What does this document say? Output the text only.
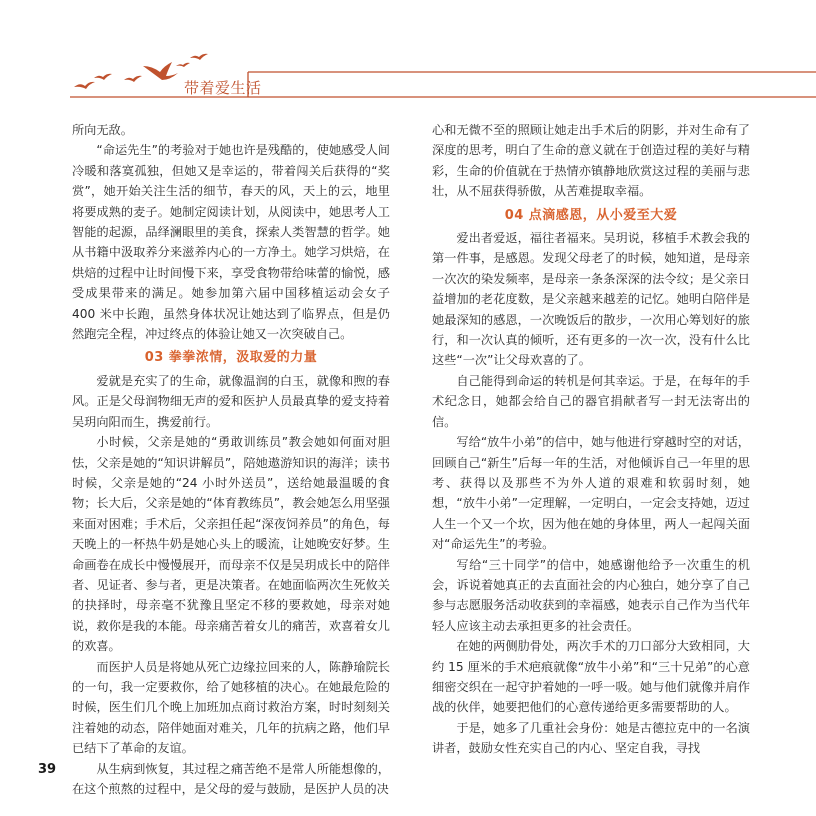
带着爱生活

所向无敌。

“命运先生”的考验对于她也许是残酷的，使她感受人间冷暖和落寞孤独，但她又是幸运的，带着闯关后获得的“奖赏”，她开始关注生活的细节，春天的风，天上的云，地里将要成熟的麦子。她制定阅读计划，从阅读中，她思考人工智能的起源，品绎澜眼里的美食，探索人类智慧的哲学。她从书籍中汲取养分来滋养内心的一方净土。她学习烘焙，在烘焙的过程中让时间慢下来，享受食物带给味蕾的愉悦，感受成果带来的满足。她参加第六届中国移植运动会女子 400 米中长跑，虽然身体状况让她达到了临界点，但是仍然跑完全程，冲过终点的体验让她又一次突破自己。

03 拳拳浓情，汲取爱的力量

爱就是充实了的生命，就像温润的白玉，就像和煦的春风。正是父母润物细无声的爱和医护人员最真挚的爱支持着吴玥向阳而生，携爱前行。

小时候，父亲是她的“勇敢训练员”教会她如何面对胆怯，父亲是她的“知识讲解员”，陪她遨游知识的海洋；读书时候，父亲是她的“24 小时外送员”，送给她最温暖的食物；长大后，父亲是她的“体育教练员”，教会她怎么用坚强来面对困难；手术后，父亲担任起“深夜饲养员”的角色，每天晚上的一杯热牛奶是她心头上的暖流，让她晚安好梦。生命画卷在成长中慢慢展开，而母亲不仅是吴玥成长中的陪伴者、见证者、参与者，更是决策者。在她面临两次生死攸关的抉择时，母亲毫不犹豫且坚定不移的要救她，母亲对她说，救你是我的本能。母亲痛苦着女儿的痛苦，欢喜着女儿的欢喜。

而医护人员是将她从死亡边缘拉回来的人，陈静瑜院长的一句，我一定要救你，给了她移植的决心。在她最危险的时候，医生们几个晚上加班加点商讨救治方案，时时刻刻关注着她的动态，陪伴她面对难关，几年的抗病之路，他们早已结下了革命的友谊。

从生病到恢复，其过程之痛苦绝不是常人所能想像的，在这个煎熬的过程中，是父母的爱与鼓励，是医护人员的决

心和无微不至的照顾让她走出手术后的阴影，并对生命有了深度的思考，明白了生命的意义就在于创造过程的美好与精彩，生命的价值就在于热情亦镇静地欣赏这过程的美丽与悲壮，从不屈获得骄傲，从苦难提取幸福。

04 点滴感恩，从小爱至大爱

爱出者爱返，福往者福来。吴玥说，移植手术教会我的第一件事，是感恩。发现父母老了的时候，她知道，是母亲一次次的染发频率，是母亲一条条深深的法令纹；是父亲日益增加的老花度数，是父亲越来越差的记忆。她明白陪伴是她最深知的感恩，一次晚饭后的散步，一次用心筹划好的旅行，和一次认真的倾听，还有更多的一次一次，没有什么比这些“一次”让父母欢喜的了。

自己能得到命运的转机是何其幸运。于是，在每年的手术纪念日，她都会给自己的器官捐献者写一封无法寄出的信。

写给“放牛小弟”的信中，她与他进行穿越时空的对话，回顾自己“新生”后每一年的生活，对他倾诉自己一年里的思考、获得以及那些不为外人道的艰难和软弱时刻，她想，“放牛小弟”一定理解，一定明白，一定会支持她，迈过人生一个又一个坎，因为他在她的身体里，两人一起闯关面对“命运先生”的考验。

写给“三十同学”的信中，她感谢他给予一次重生的机会，诉说着她真正的去直面社会的内心独白，她分享了自己参与志愿服务活动收获到的幸福感，她表示自己作为当代年轻人应该主动去承担更多的社会责任。

在她的两侧肋骨处，两次手术的刀口部分大致相同，大约 15 厘米的手术疤痕就像“放牛小弟”和“三十兄弟”的心意细密交织在一起守护着她的一呼一吸。她与他们就像并肩作战的伙伴，她要把他们的心意传递给更多需要帮助的人。

于是，她多了几重社会身份：她是古德拉克中的一名演讲者，鼓励女性充实自己的内心、坚定自我，寻找

39
